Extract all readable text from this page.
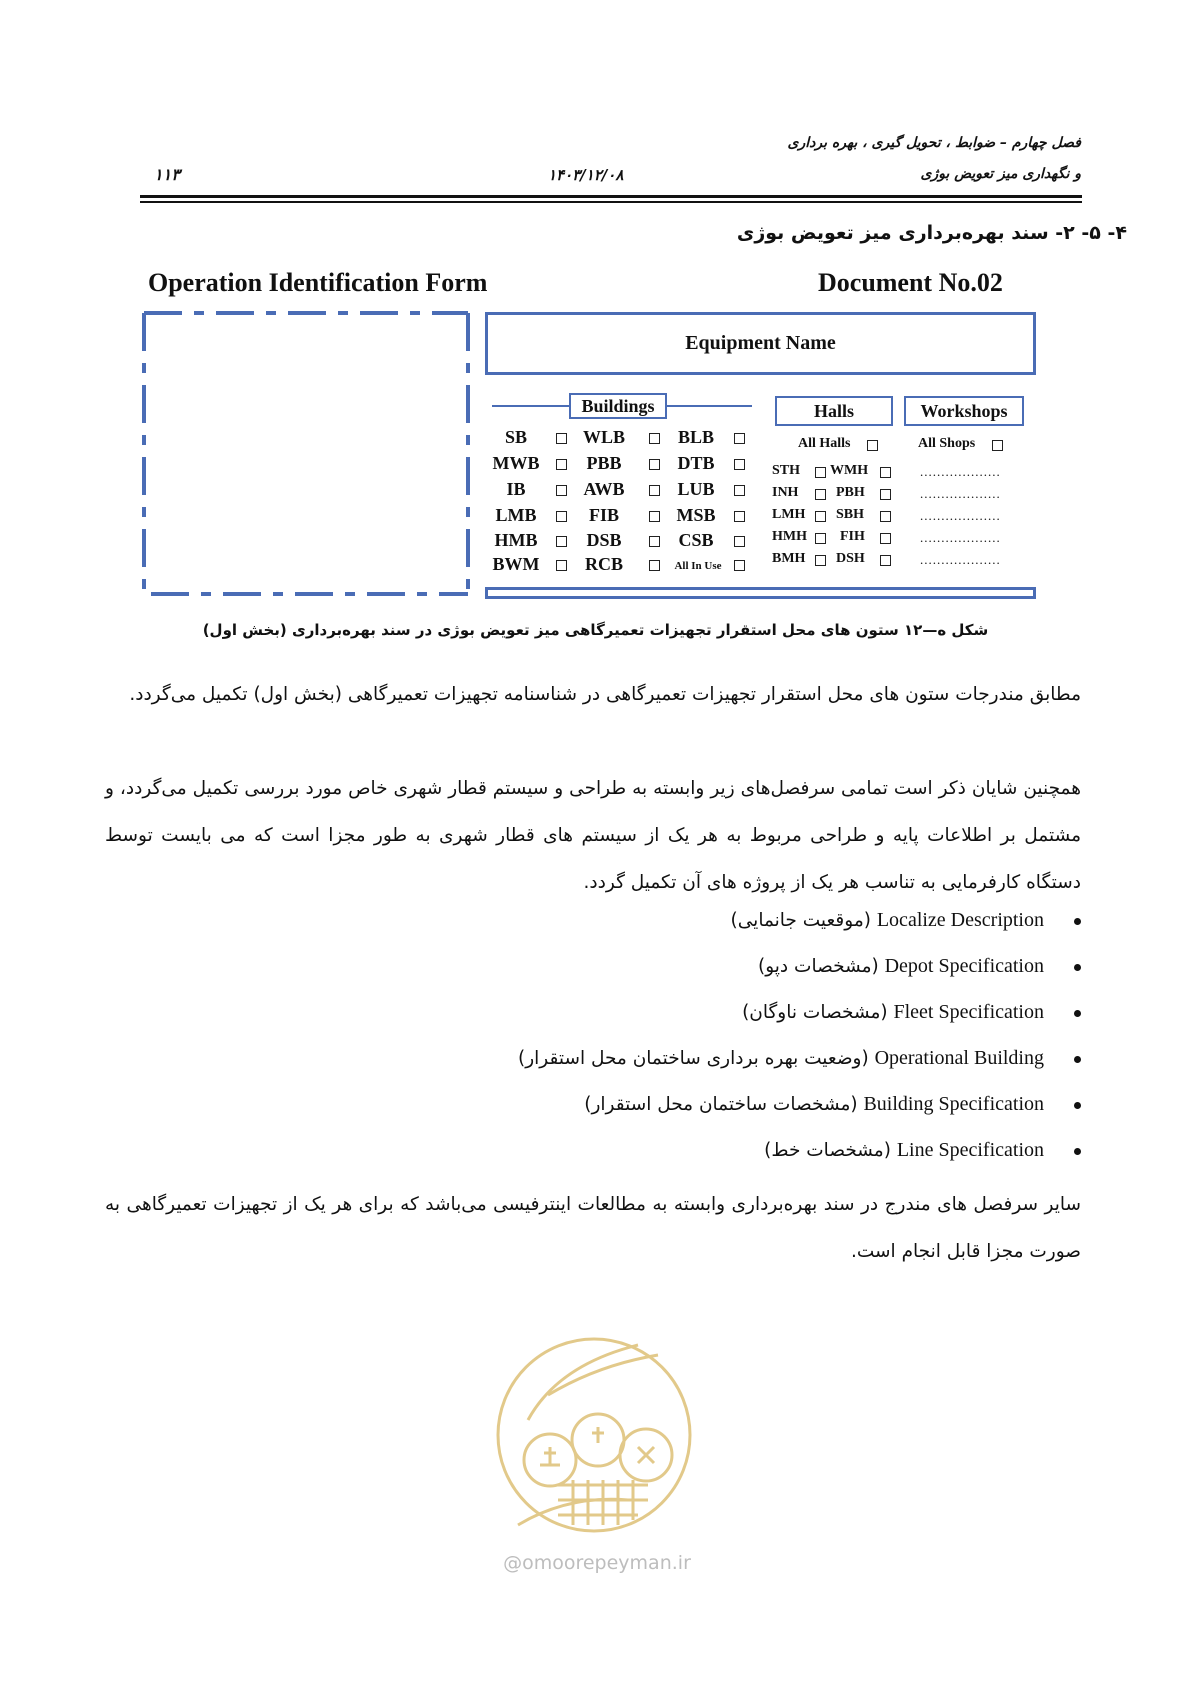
فصل چهارم – ضوابط ، تحویل گیری ، بهره برداری
و نگهداری میز تعویض بوژی
۱۴۰۳/۱۲/۰۸
۱۱۳
۴- ۵- ۲- سند بهره‌برداری میز تعویض بوژی
Operation Identification Form	Document No.02
Equipment Name
Buildings
SB
MWB
IB
LMB
HMB
BWM
WLB
PBB
AWB
FIB
DSB
RCB
BLB
DTB
LUB
MSB
CSB
All In Use
Halls
All Halls
STH
INH
LMH
HMH
BMH
WMH
PBH
SBH
FIH
DSH
Workshops
All Shops
...................
...................
...................
...................
...................
شکل ه—۱۲ ستون های محل استقرار تجهیزات تعمیرگاهی میز تعویض بوژی در سند بهره‌برداری (بخش اول)
مطابق مندرجات ستون های محل استقرار تجهیزات تعمیرگاهی در شناسنامه تجهیزات تعمیرگاهی (بخش اول) تکمیل می‌گردد.
همچنین شایان ذکر است تمامی سرفصل‌های زیر وابسته به طراحی و سیستم قطار شهری خاص مورد بررسی تکمیل می‌گردد، و مشتمل بر اطلاعات پایه و طراحی مربوط به هر یک از سیستم های قطار شهری به طور مجزا است که می بایست توسط دستگاه کارفرمایی به تناسب هر یک از پروژه های آن تکمیل گردد.
Localize Description (موقعیت جانمایی)
Depot Specification (مشخصات دپو)
Fleet Specification (مشخصات ناوگان)
Operational Building (وضعیت بهره برداری ساختمان محل استقرار)
Building Specification (مشخصات ساختمان محل استقرار)
Line Specification (مشخصات خط)
سایر سرفصل های مندرج در سند بهره‌برداری وابسته به مطالعات اینترفیسی می‌باشد که برای هر یک از تجهیزات تعمیرگاهی به صورت مجزا قابل انجام است.
@omoorepeyman.ir
